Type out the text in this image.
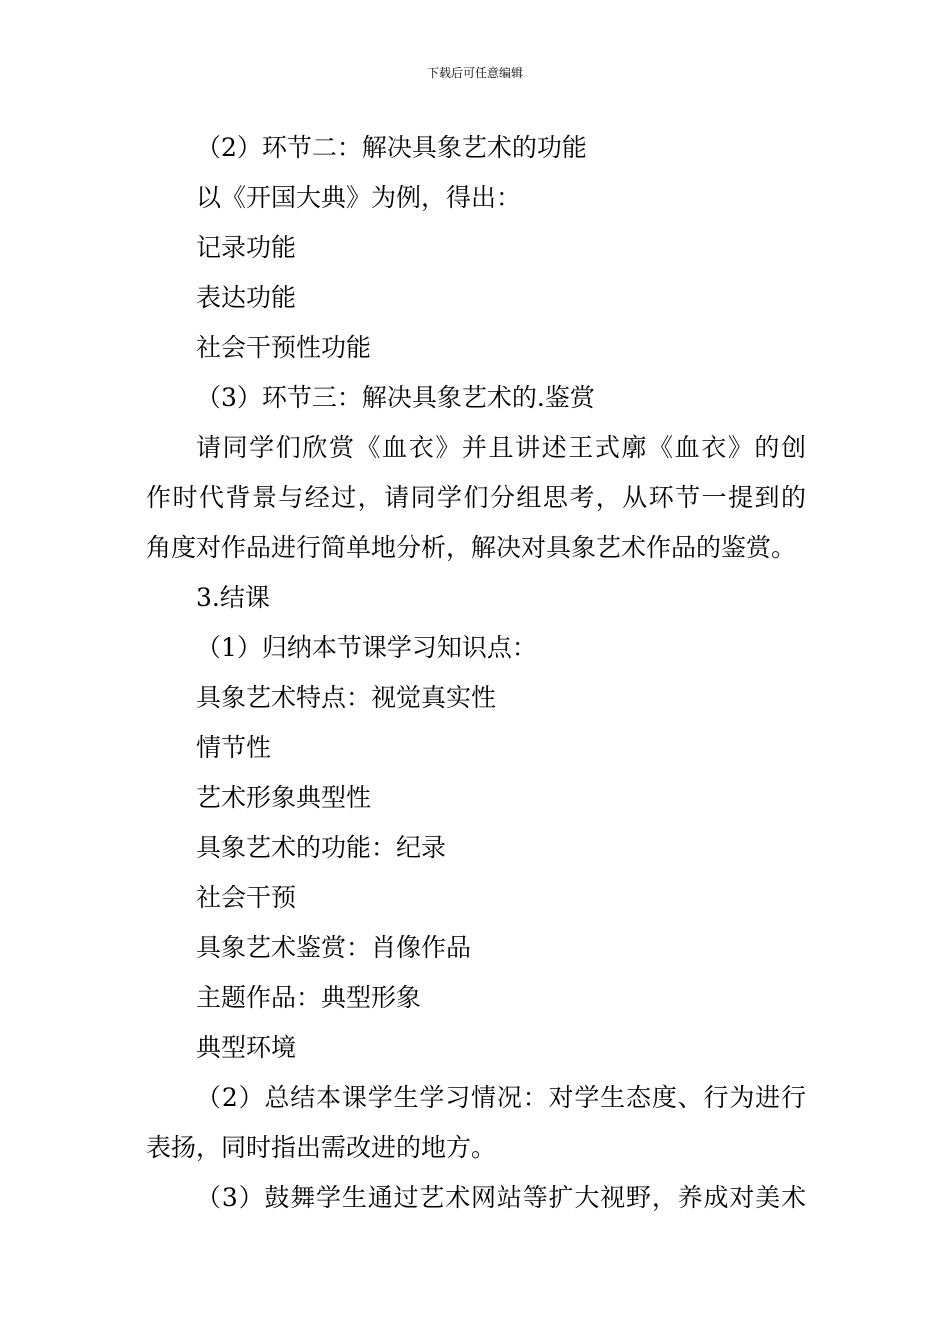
下载后可任意编辑
（2）环节二：解决具象艺术的功能
以《开国大典》为例，得出：
记录功能
表达功能
社会干预性功能
（3）环节三：解决具象艺术的.鉴赏
请同学们欣赏《血衣》并且讲述王式廓《血衣》的创
作时代背景与经过，请同学们分组思考，从环节一提到的
角度对作品进行简单地分析，解决对具象艺术作品的鉴赏。
3.结课
（1）归纳本节课学习知识点：
具象艺术特点：视觉真实性
情节性
艺术形象典型性
具象艺术的功能：纪录
社会干预
具象艺术鉴赏：肖像作品
主题作品：典型形象
典型环境
（2）总结本课学生学习情况：对学生态度、行为进行
表扬，同时指出需改进的地方。
（3）鼓舞学生通过艺术网站等扩大视野，养成对美术
